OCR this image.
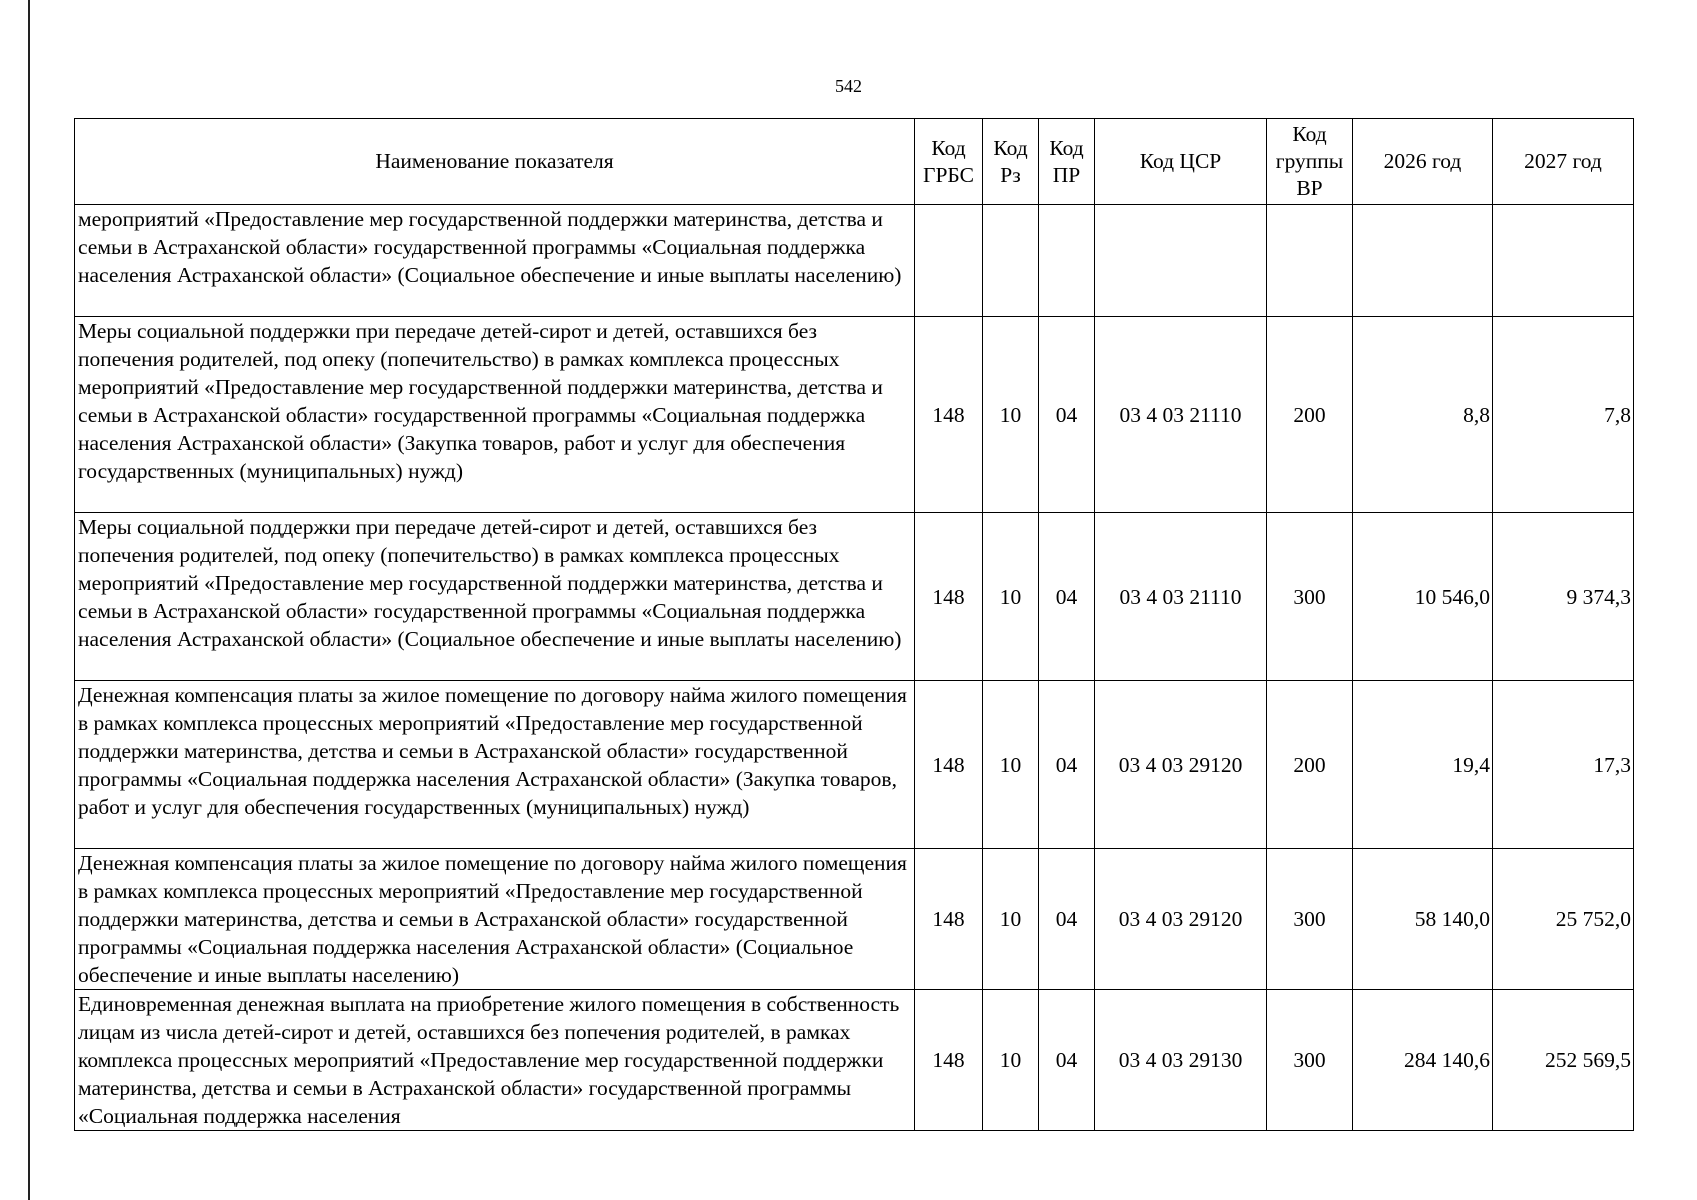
542
Наименование показателя	Код ГРБС	Код Рз	Код ПР	Код ЦСР	Код группы ВР	2026 год	2027 год
мероприятий «Предоставление мер государственной поддержки материнства, детства и семьи в Астраханской области» государственной программы «Социальная поддержка населения Астраханской области» (Социальное обеспечение и иные выплаты населению)							
Меры социальной поддержки при передаче детей-сирот и детей, оставшихся без попечения родителей, под опеку (попечительство) в рамках комплекса процессных мероприятий «Предоставление мер государственной поддержки материнства, детства и семьи в Астраханской области» государственной программы «Социальная поддержка населения Астраханской области» (Закупка товаров, работ и услуг для обеспечения государственных (муниципальных) нужд)	148	10	04	03 4 03 21110	200	8,8	7,8
Меры социальной поддержки при передаче детей-сирот и детей, оставшихся без попечения родителей, под опеку (попечительство) в рамках комплекса процессных мероприятий «Предоставление мер государственной поддержки материнства, детства и семьи в Астраханской области» государственной программы «Социальная поддержка населения Астраханской области» (Социальное обеспечение и иные выплаты населению)	148	10	04	03 4 03 21110	300	10 546,0	9 374,3
Денежная компенсация платы за жилое помещение по договору найма жилого помещения в рамках комплекса процессных мероприятий «Предоставление мер государственной поддержки материнства, детства и семьи в Астраханской области» государственной программы «Социальная поддержка населения Астраханской области» (Закупка товаров, работ и услуг для обеспечения государственных (муниципальных) нужд)	148	10	04	03 4 03 29120	200	19,4	17,3
Денежная компенсация платы за жилое помещение по договору найма жилого помещения в рамках комплекса процессных мероприятий «Предоставление мер государственной поддержки материнства, детства и семьи в Астраханской области» государственной программы «Социальная поддержка населения Астраханской области» (Социальное обеспечение и иные выплаты населению)	148	10	04	03 4 03 29120	300	58 140,0	25 752,0
Единовременная денежная выплата на приобретение жилого помещения в собственность лицам из числа детей-сирот и детей, оставшихся без попечения родителей, в рамках комплекса процессных мероприятий «Предоставление мер государственной поддержки материнства, детства и семьи в Астраханской области» государственной программы «Социальная поддержка населения	148	10	04	03 4 03 29130	300	284 140,6	252 569,5
